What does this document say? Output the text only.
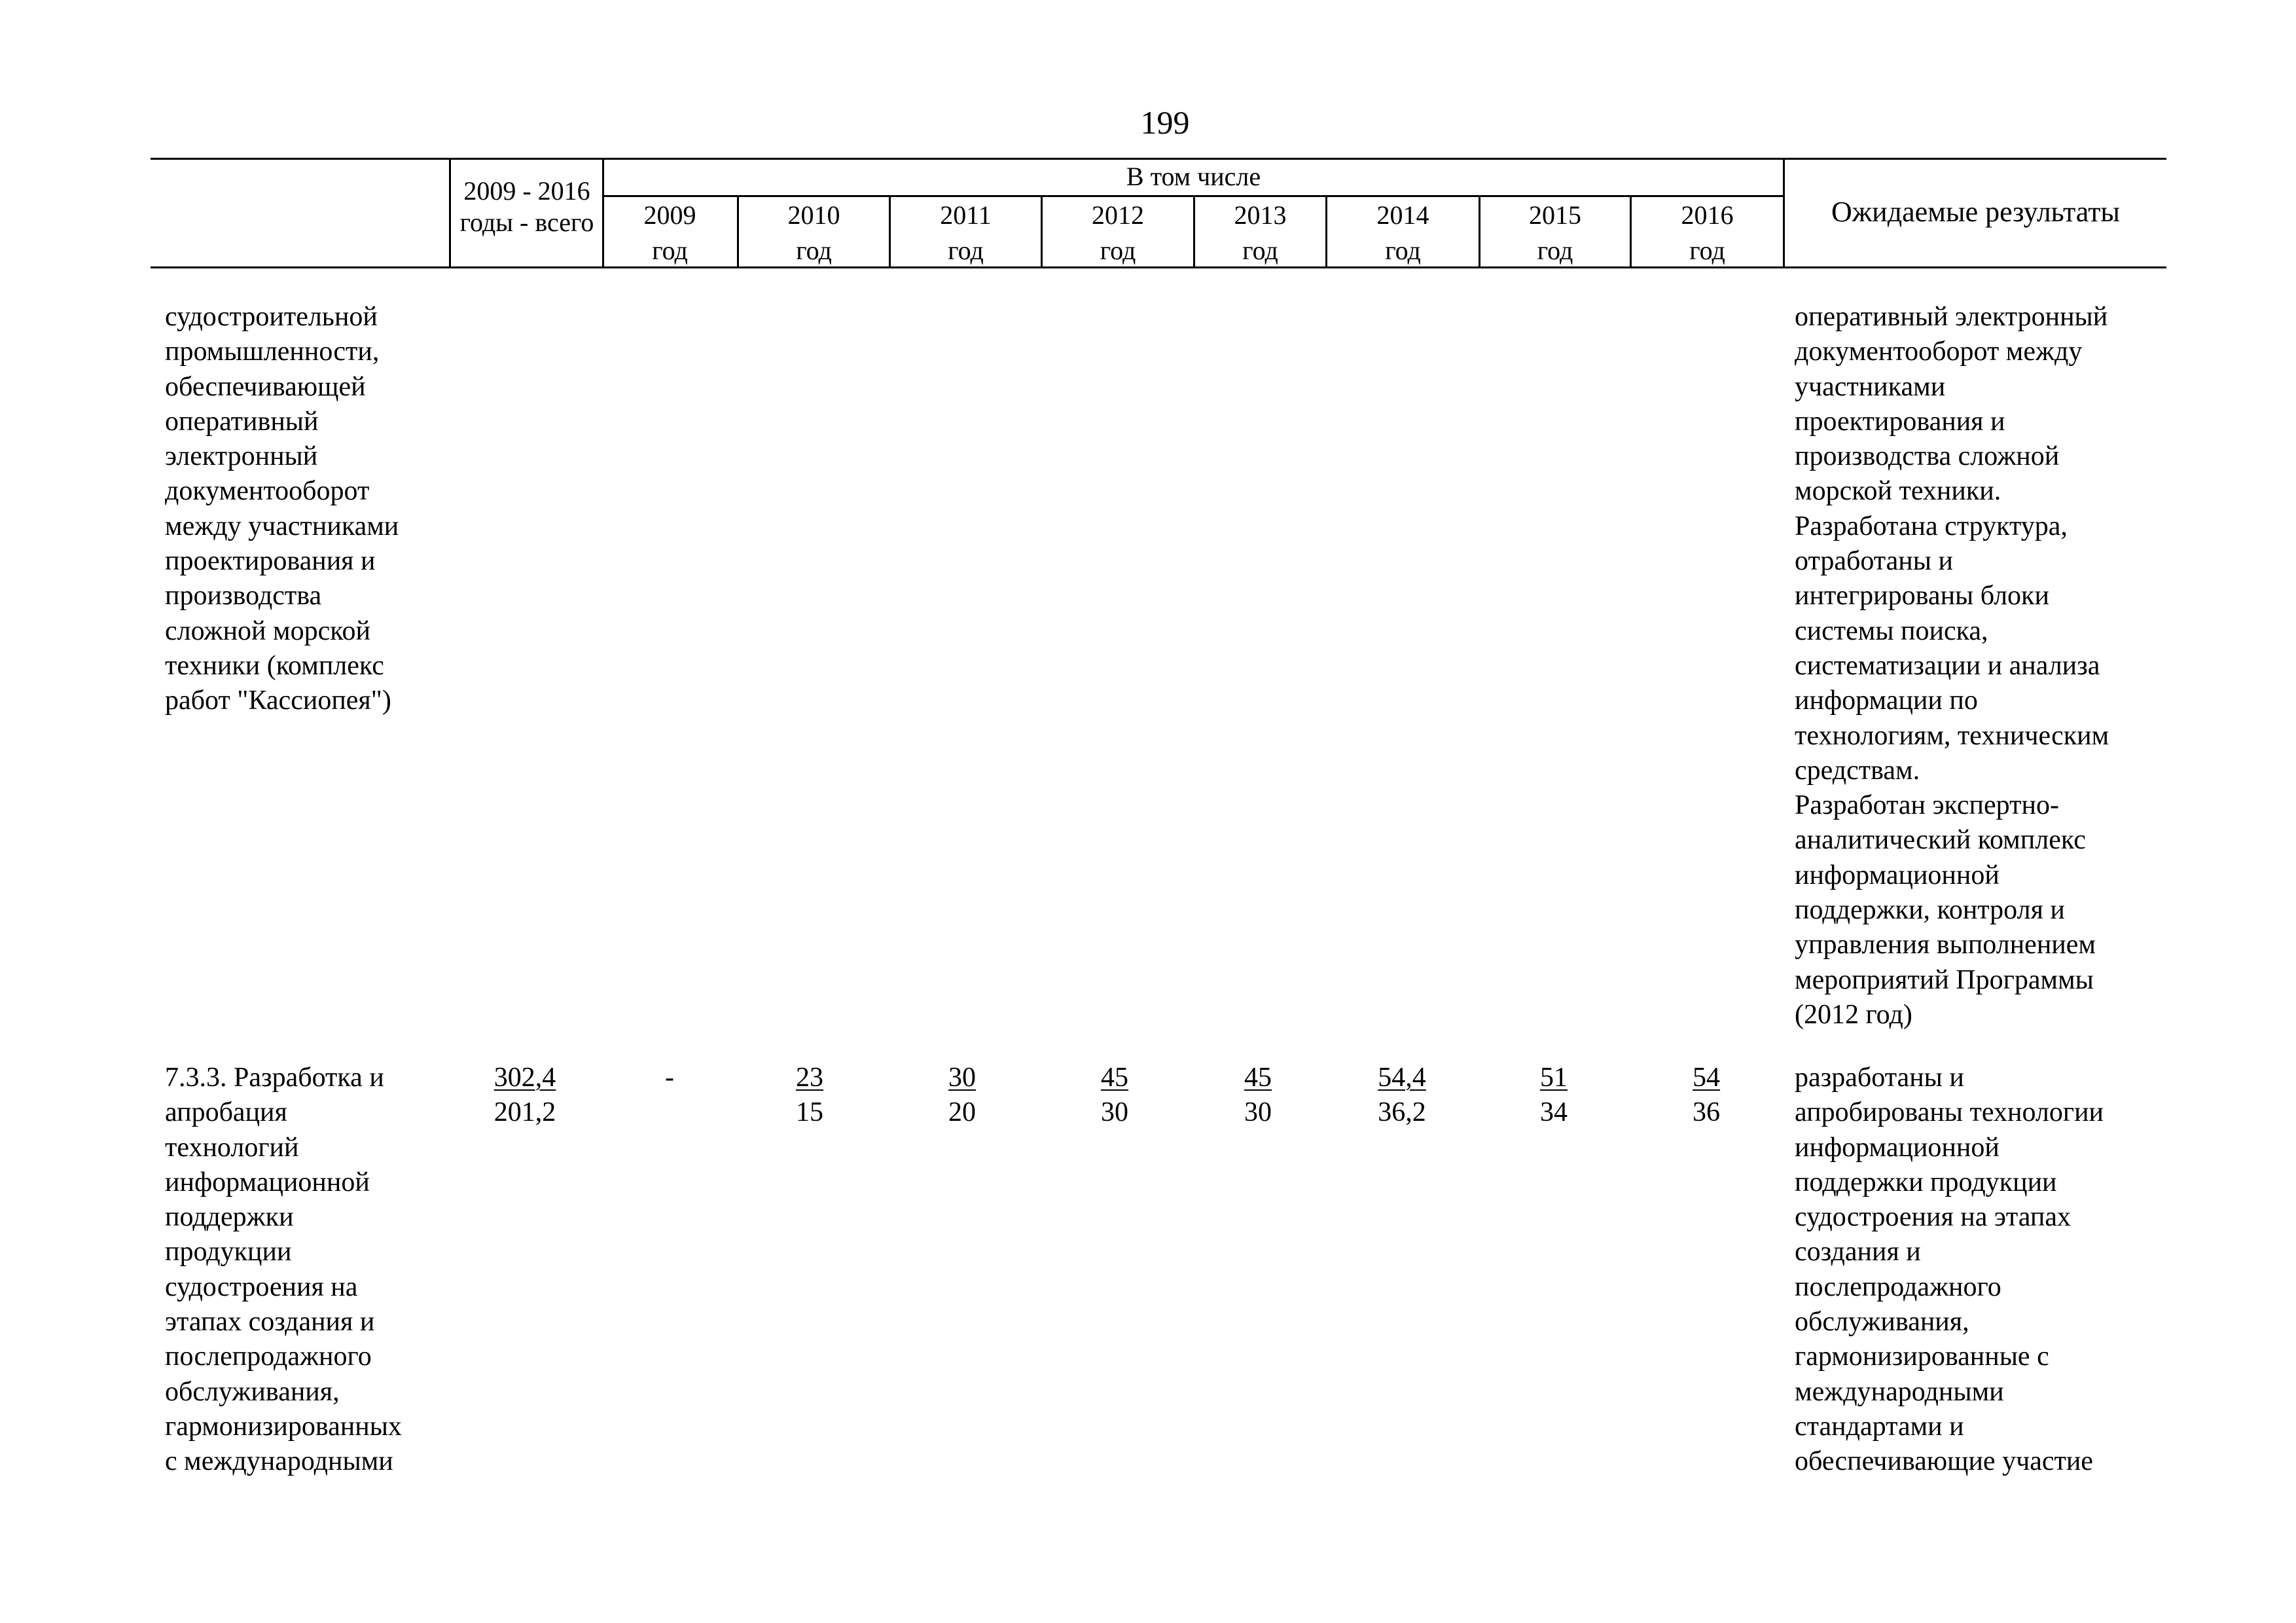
199
2009 - 2016
годы - всего
В том числе
2009
год
2010
год
2011
год
2012
год
2013
год
2014
год
2015
год
2016
год
Ожидаемые результаты
судостроительной
промышленности,
обеспечивающей
оперативный
электронный
документооборот
между участниками
проектирования и
производства
сложной морской
техники (комплекс
работ "Кассиопея")
оперативный электронный
документооборот между
участниками
проектирования и
производства сложной
морской техники.
Разработана структура,
отработаны и
интегрированы блоки
системы поиска,
систематизации и анализа
информации по
технологиям, техническим
средствам.
Разработан экспертно-
аналитический комплекс
информационной
поддержки, контроля и
управления выполнением
мероприятий Программы
(2012 год)
7.3.3. Разработка и
апробация
технологий
информационной
поддержки
продукции
судостроения на
этапах создания и
послепродажного
обслуживания,
гармонизированных
с международными
302,4
201,2
-	23
15
30
20
45
30
45
30
54,4
36,2
51
34
54
36
разработаны и
апробированы технологии
информационной
поддержки продукции
судостроения на этапах
создания и
послепродажного
обслуживания,
гармонизированные с
международными
стандартами и
обеспечивающие участие
